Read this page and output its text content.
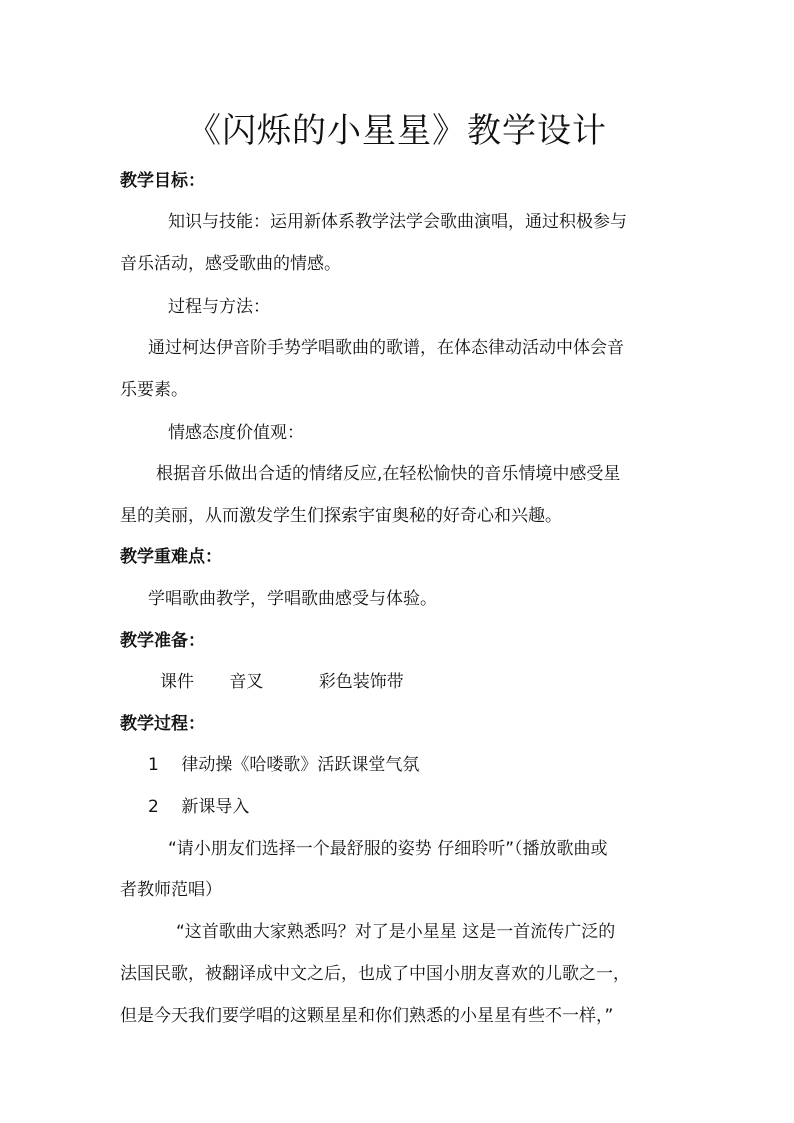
《闪烁的小星星》教学设计
教学目标：
知识与技能：运用新体系教学法学会歌曲演唱，通过积极参与
音乐活动，感受歌曲的情感。
过程与方法：
通过柯达伊音阶手势学唱歌曲的歌谱，在体态律动活动中体会音
乐要素。
情感态度价值观：
根据音乐做出合适的情绪反应,在轻松愉快的音乐情境中感受星
星的美丽，从而激发学生们探索宇宙奥秘的好奇心和兴趣。
教学重难点：
学唱歌曲教学，学唱歌曲感受与体验。
教学准备：
课件 音叉	彩色装饰带
教学过程：
1 律动操《哈喽歌》活跃课堂气氛
2 新课导入
“请小朋友们选择一个最舒服的姿势 仔细聆听”（播放歌曲或
者教师范唱）
“这首歌曲大家熟悉吗？对了是小星星 这是一首流传广泛的
法国民歌，被翻译成中文之后，也成了中国小朋友喜欢的儿歌之一，
但是今天我们要学唱的这颗星星和你们熟悉的小星星有些不一样，”
